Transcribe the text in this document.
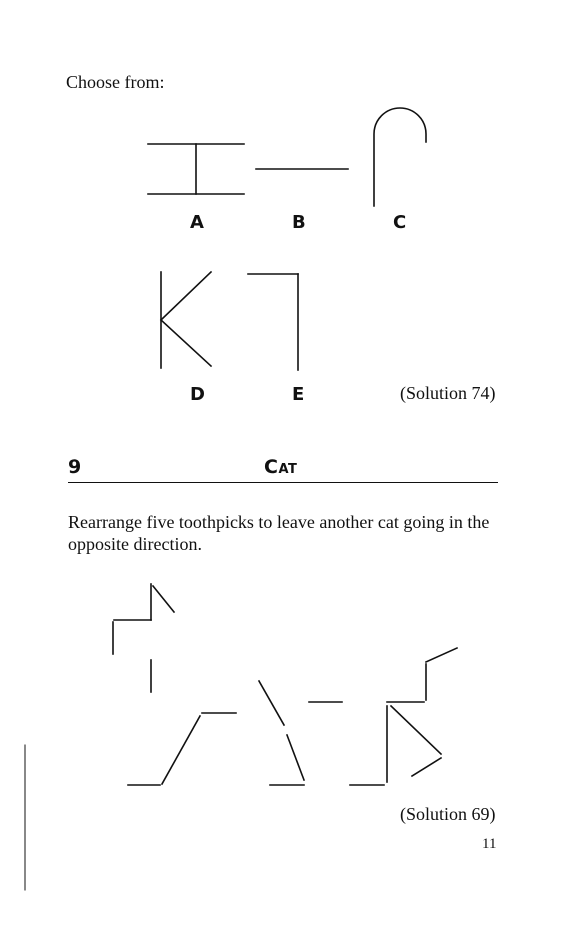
Choose from:
A	B	C
D	E	(Solution 74)
9	Cat
Rearrange five toothpicks to leave another cat going in the opposite direction.
(Solution 69)
11
